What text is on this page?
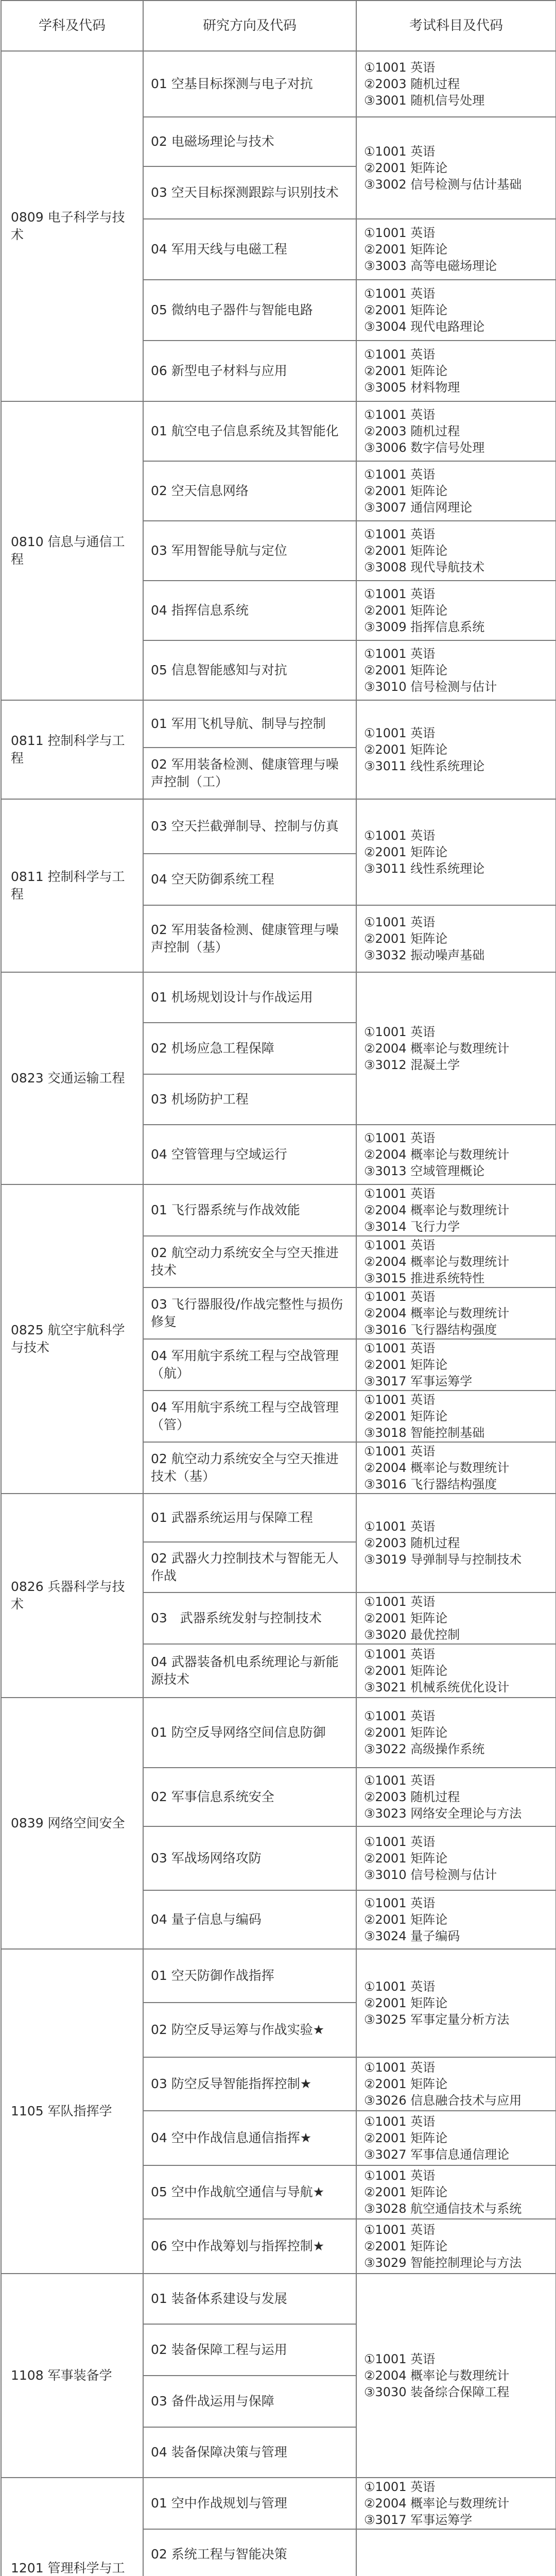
学科及代码	研究方向及代码	考试科目及代码
0809 电子科学与技术	01 空基目标探测与电子对抗	①1001 英语
②2003 随机过程
③3001 随机信号处理

	02 电磁场理论与技术	①1001 英语
②2001 矩阵论
③3002 信号检测与估计基础

	03 空天目标探测跟踪与识别技术	
	04 军用天线与电磁工程	①1001 英语
②2001 矩阵论
③3003 高等电磁场理论

	05 微纳电子器件与智能电路	①1001 英语
②2001 矩阵论
③3004 现代电路理论

	06 新型电子材料与应用	①1001 英语
②2001 矩阵论
③3005 材料物理

0810 信息与通信工程	01 航空电子信息系统及其智能化	①1001 英语
②2003 随机过程
③3006 数字信号处理

	02 空天信息网络	①1001 英语
②2001 矩阵论
③3007 通信网理论

	03 军用智能导航与定位	①1001 英语
②2001 矩阵论
③3008 现代导航技术

	04 指挥信息系统	①1001 英语
②2001 矩阵论
③3009 指挥信息系统

	05 信息智能感知与对抗	①1001 英语
②2001 矩阵论
③3010 信号检测与估计

0811 控制科学与工程	01 军用飞机导航、制导与控制	①1001 英语
②2001 矩阵论
③3011 线性系统理论

	02 军用装备检测、健康管理与噪声控制（工）	
0811 控制科学与工程	03 空天拦截弹制导、控制与仿真	①1001 英语
②2001 矩阵论
③3011 线性系统理论

	04 空天防御系统工程	
	02 军用装备检测、健康管理与噪声控制（基）	①1001 英语
②2001 矩阵论
③3032 振动噪声基础

0823 交通运输工程	01 机场规划设计与作战运用	①1001 英语
②2004 概率论与数理统计
③3012 混凝土学

	02 机场应急工程保障	
	03 机场防护工程	
	04 空管管理与空域运行	①1001 英语
②2004 概率论与数理统计
③3013 空域管理概论

0825 航空宇航科学与技术	01 飞行器系统与作战效能	①1001 英语
②2004 概率论与数理统计
③3014 飞行力学

	02 航空动力系统安全与空天推进技术	①1001 英语
②2004 概率论与数理统计
③3015 推进系统特性

	03 飞行器服役/作战完整性与损伤修复	①1001 英语
②2004 概率论与数理统计
③3016 飞行器结构强度

	04 军用航宇系统工程与空战管理（航）	①1001 英语
②2001 矩阵论
③3017 军事运筹学

	04 军用航宇系统工程与空战管理（管）	①1001 英语
②2001 矩阵论
③3018 智能控制基础

	02 航空动力系统安全与空天推进技术（基）	①1001 英语
②2004 概率论与数理统计
③3016 飞行器结构强度

0826 兵器科学与技术	01 武器系统运用与保障工程	①1001 英语
②2003 随机过程
③3019 导弹制导与控制技术

	02 武器火力控制技术与智能无人作战	
	03　武器系统发射与控制技术	①1001 英语
②2001 矩阵论
③3020 最优控制

	04 武器装备机电系统理论与新能源技术	①1001 英语
②2001 矩阵论
③3021 机械系统优化设计

0839 网络空间安全	01 防空反导网络空间信息防御	①1001 英语
②2001 矩阵论
③3022 高级操作系统

	02 军事信息系统安全	①1001 英语
②2003 随机过程
③3023 网络安全理论与方法

	03 军战场网络攻防	①1001 英语
②2001 矩阵论
③3010 信号检测与估计

	04 量子信息与编码	①1001 英语
②2001 矩阵论
③3024 量子编码

1105 军队指挥学	01 空天防御作战指挥	①1001 英语
②2001 矩阵论
③3025 军事定量分析方法

	02 防空反导运筹与作战实验★	
	03 防空反导智能指挥控制★	①1001 英语
②2001 矩阵论
③3026 信息融合技术与应用

	04 空中作战信息通信指挥★	①1001 英语
②2001 矩阵论
③3027 军事信息通信理论

	05 空中作战航空通信与导航★	①1001 英语
②2001 矩阵论
③3028 航空通信技术与系统

	06 空中作战筹划与指挥控制★	①1001 英语
②2001 矩阵论
③3029 智能控制理论与方法

1108 军事装备学	01 装备体系建设与发展	①1001 英语
②2004 概率论与数理统计
③3030 装备综合保障工程

	02 装备保障工程与运用	
	03 备件战运用与保障	
	04 装备保障决策与管理	
1201 管理科学与工	01 空中作战规划与管理	①1001 英语
②2004 概率论与数理统计
③3017 军事运筹学

	02 系统工程与智能决策	
